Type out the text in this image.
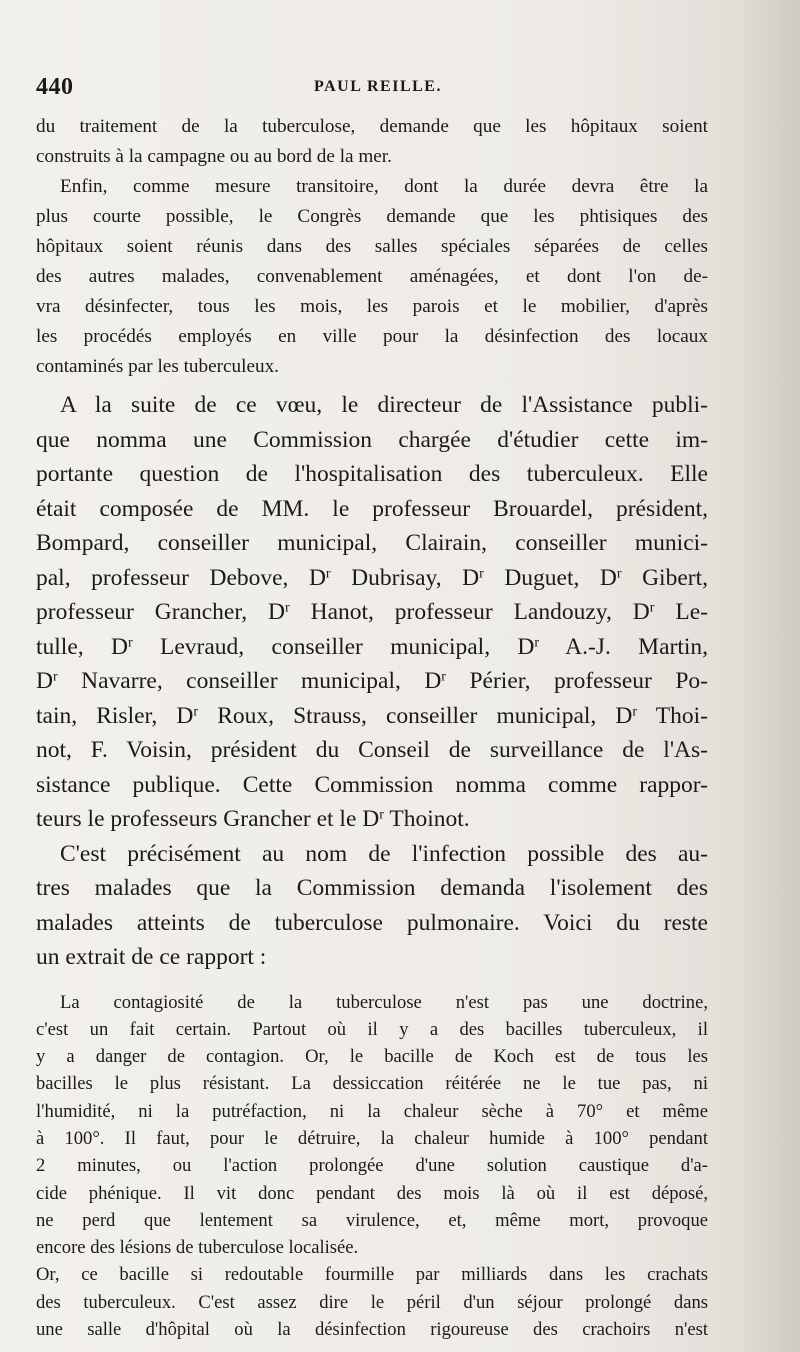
440	PAUL REILLE.
du traitement de la tuberculose, demande que les hôpitaux soient
construits à la campagne ou au bord de la mer.
Enfin, comme mesure transitoire, dont la durée devra être la
plus courte possible, le Congrès demande que les phtisiques des
hôpitaux soient réunis dans des salles spéciales séparées de celles
des autres malades, convenablement aménagées, et dont l'on de-
vra désinfecter, tous les mois, les parois et le mobilier, d'après
les procédés employés en ville pour la désinfection des locaux
contaminés par les tuberculeux.
A la suite de ce vœu, le directeur de l'Assistance publi-
que nomma une Commission chargée d'étudier cette im-
portante question de l'hospitalisation des tuberculeux. Elle
était composée de MM. le professeur Brouardel, président,
Bompard, conseiller municipal, Clairain, conseiller munici-
pal, professeur Debove, $D^r$ Dubrisay, $D^r$ Duguet, $D^r$ Gibert,
professeur Grancher, $D^r$ Hanot, professeur Landouzy, $D^r$ Le-
tulle, $D^r$ Levraud, conseiller municipal, $D^r$ A.-J. Martin,
$D^r$ Navarre, conseiller municipal, $D^r$ Périer, professeur Po-
tain, Risler, $D^r$ Roux, Strauss, conseiller municipal, $D^r$ Thoi-
not, F. Voisin, président du Conseil de surveillance de l'As-
sistance publique. Cette Commission nomma comme rappor-
teurs le professeurs Grancher et le $D^r$ Thoinot.
C'est précisément au nom de l'infection possible des au-
tres malades que la Commission demanda l'isolement des
malades atteints de tuberculose pulmonaire. Voici du reste
un extrait de ce rapport :
La contagiosité de la tuberculose n'est pas une doctrine,
c'est un fait certain. Partout où il y a des bacilles tuberculeux, il
y a danger de contagion. Or, le bacille de Koch est de tous les
bacilles le plus résistant. La dessiccation réitérée ne le tue pas, ni
l'humidité, ni la putréfaction, ni la chaleur sèche à 70° et même
à 100°. Il faut, pour le détruire, la chaleur humide à 100° pendant
2 minutes, ou l'action prolongée d'une solution caustique d'a-
cide phénique. Il vit donc pendant des mois là où il est déposé,
ne perd que lentement sa virulence, et, même mort, provoque
encore des lésions de tuberculose localisée.
Or, ce bacille si redoutable fourmille par milliards dans les crachats
des tuberculeux. C'est assez dire le péril d'un séjour prolongé dans
une salle d'hôpital où la désinfection rigoureuse des crachoirs n'est
